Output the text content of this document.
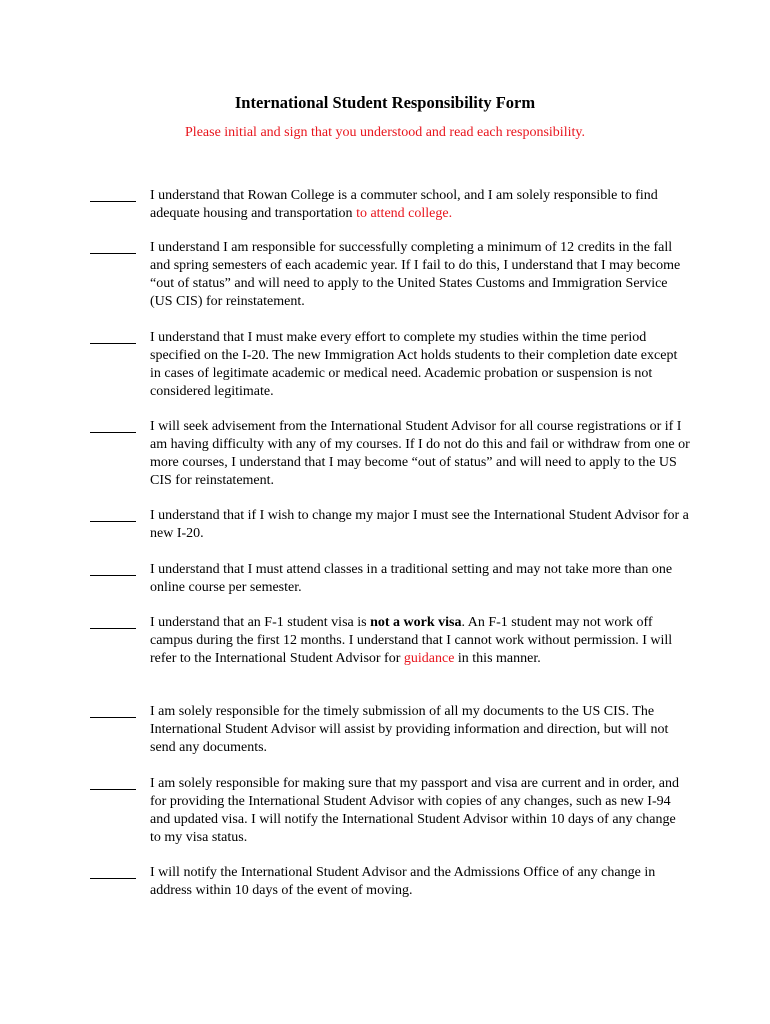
International Student Responsibility Form
Please initial and sign that you understood and read each responsibility.
I understand that Rowan College is a commuter school, and I am solely responsible to find adequate housing and transportation to attend college.
I understand I am responsible for successfully completing a minimum of 12 credits in the fall and spring semesters of each academic year. If I fail to do this, I understand that I may become “out of status” and will need to apply to the United States Customs and Immigration Service (US CIS) for reinstatement.
I understand that I must make every effort to complete my studies within the time period specified on the I-20. The new Immigration Act holds students to their completion date except in cases of legitimate academic or medical need. Academic probation or suspension is not considered legitimate.
I will seek advisement from the International Student Advisor for all course registrations or if I am having difficulty with any of my courses. If I do not do this and fail or withdraw from one or more courses, I understand that I may become “out of status” and will need to apply to the US CIS for reinstatement.
I understand that if I wish to change my major I must see the International Student Advisor for a new I-20.
I understand that I must attend classes in a traditional setting and may not take more than one online course per semester.
I understand that an F-1 student visa is not a work visa. An F-1 student may not work off campus during the first 12 months. I understand that I cannot work without permission. I will refer to the International Student Advisor for guidance in this manner.
I am solely responsible for the timely submission of all my documents to the US CIS. The International Student Advisor will assist by providing information and direction, but will not send any documents.
I am solely responsible for making sure that my passport and visa are current and in order, and for providing the International Student Advisor with copies of any changes, such as new I-94 and updated visa. I will notify the International Student Advisor within 10 days of any change to my visa status.
I will notify the International Student Advisor and the Admissions Office of any change in address within 10 days of the event of moving.
